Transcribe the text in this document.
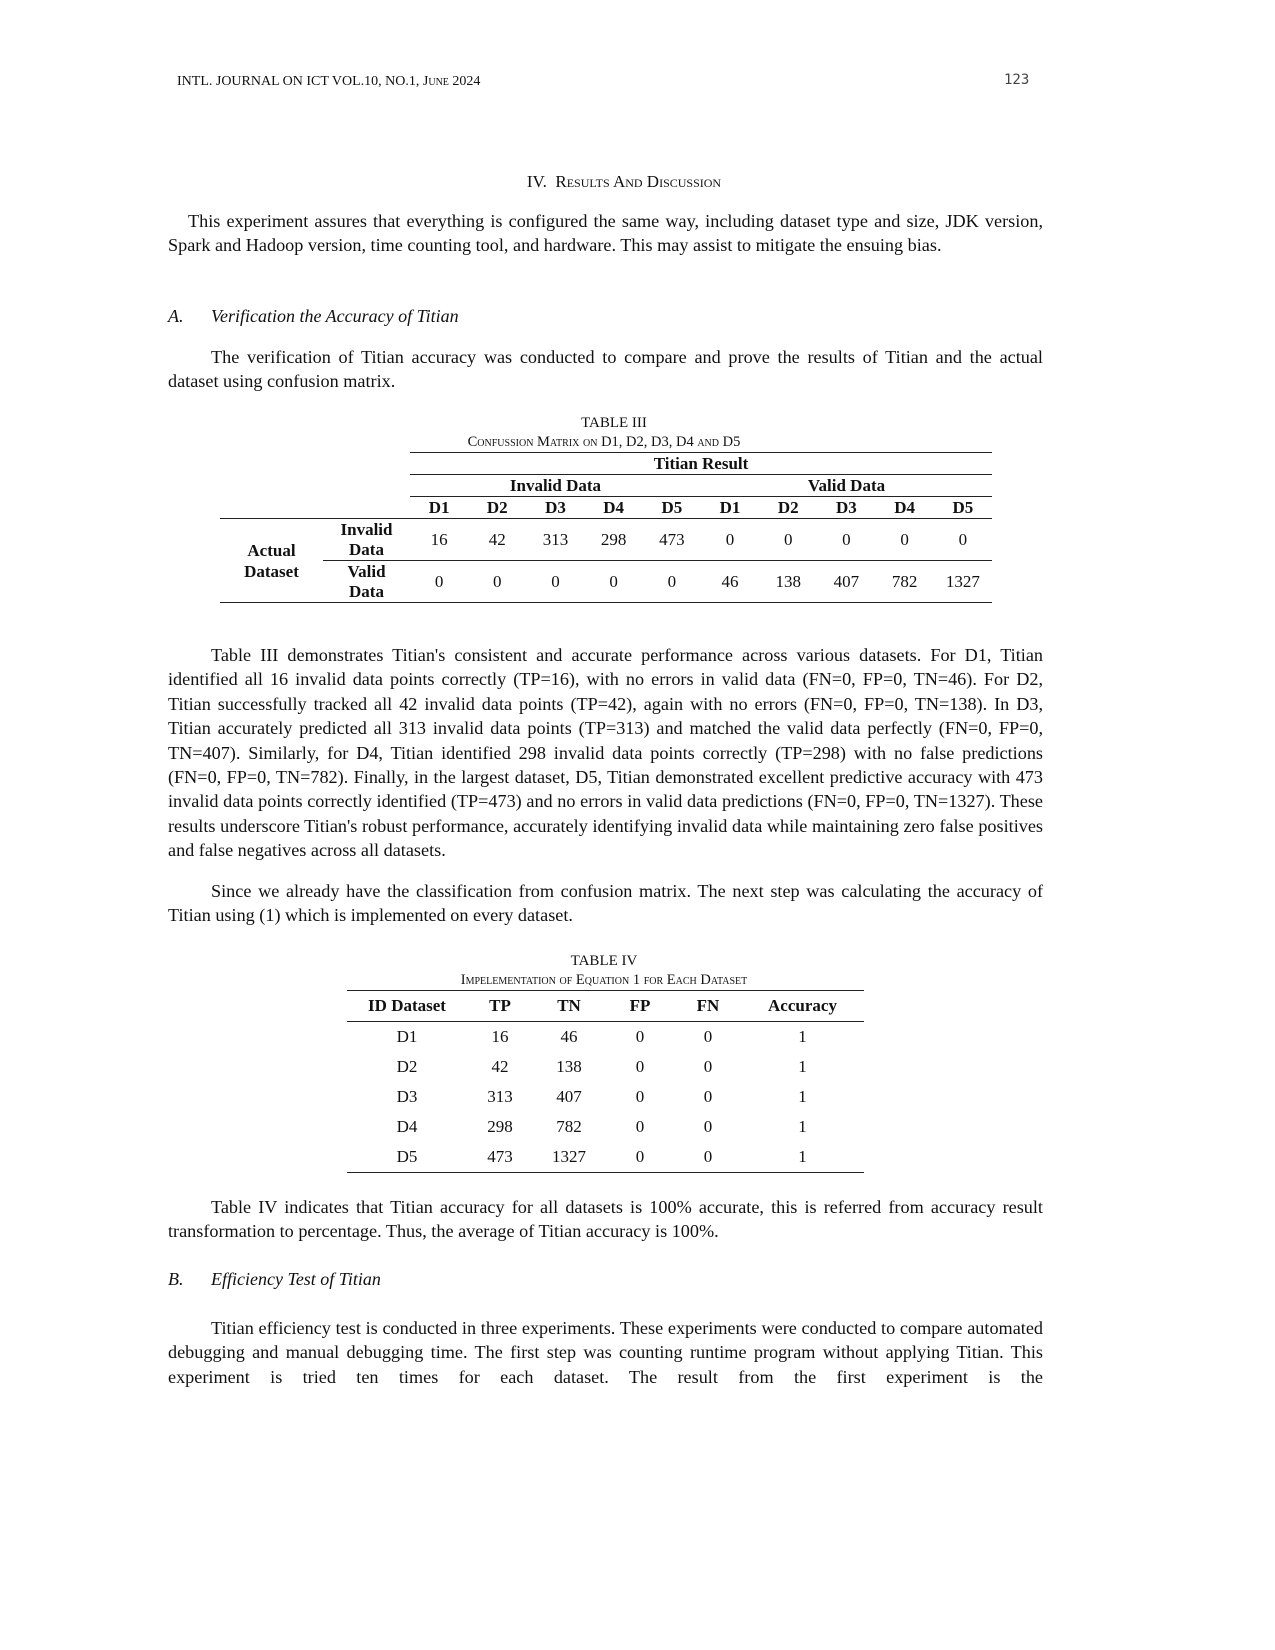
INTL. JOURNAL ON ICT VOL.10, NO.1, June 2024	123
IV. Results And Discussion

This experiment assures that everything is configured the same way, including dataset type and size, JDK version, Spark and Hadoop version, time counting tool, and hardware. This may assist to mitigate the ensuing bias.

A. Verification the Accuracy of Titian

The verification of Titian accuracy was conducted to compare and prove the results of Titian and the actual dataset using confusion matrix.

TABLE III
Confussion Matrix on D1, D2, D3, D4 and D5
		Titian Result									
		Invalid Data					Valid Data				
		D1	D2	D3	D4	D5	D1	D2	D3	D4	D5
Actual Dataset	Invalid Data	16	42	313	298	473	0	0	0	0	0
	Valid Data	0	0	0	0	0	46	138	407	782	1327

Table III demonstrates Titian's consistent and accurate performance across various datasets. For D1, Titian identified all 16 invalid data points correctly (TP=16), with no errors in valid data (FN=0, FP=0, TN=46). For D2, Titian successfully tracked all 42 invalid data points (TP=42), again with no errors (FN=0, FP=0, TN=138). In D3, Titian accurately predicted all 313 invalid data points (TP=313) and matched the valid data perfectly (FN=0, FP=0, TN=407). Similarly, for D4, Titian identified 298 invalid data points correctly (TP=298) with no false predictions (FN=0, FP=0, TN=782). Finally, in the largest dataset, D5, Titian demonstrated excellent predictive accuracy with 473 invalid data points correctly identified (TP=473) and no errors in valid data predictions (FN=0, FP=0, TN=1327). These results underscore Titian's robust performance, accurately identifying invalid data while maintaining zero false positives and false negatives across all datasets.

Since we already have the classification from confusion matrix. The next step was calculating the accuracy of Titian using (1) which is implemented on every dataset.

TABLE IV
Impelementation of Equation 1 for Each Dataset
ID Dataset	TP	TN	FP	FN	Accuracy
D1	16	46	0	0	1
D2	42	138	0	0	1
D3	313	407	0	0	1
D4	298	782	0	0	1
D5	473	1327	0	0	1

Table IV indicates that Titian accuracy for all datasets is 100% accurate, this is referred from accuracy result transformation to percentage. Thus, the average of Titian accuracy is 100%.

B. Efficiency Test of Titian

Titian efficiency test is conducted in three experiments. These experiments were conducted to compare automated debugging and manual debugging time. The first step was counting runtime program without applying Titian. This experiment is tried ten times for each dataset. The result from the first experiment is the
